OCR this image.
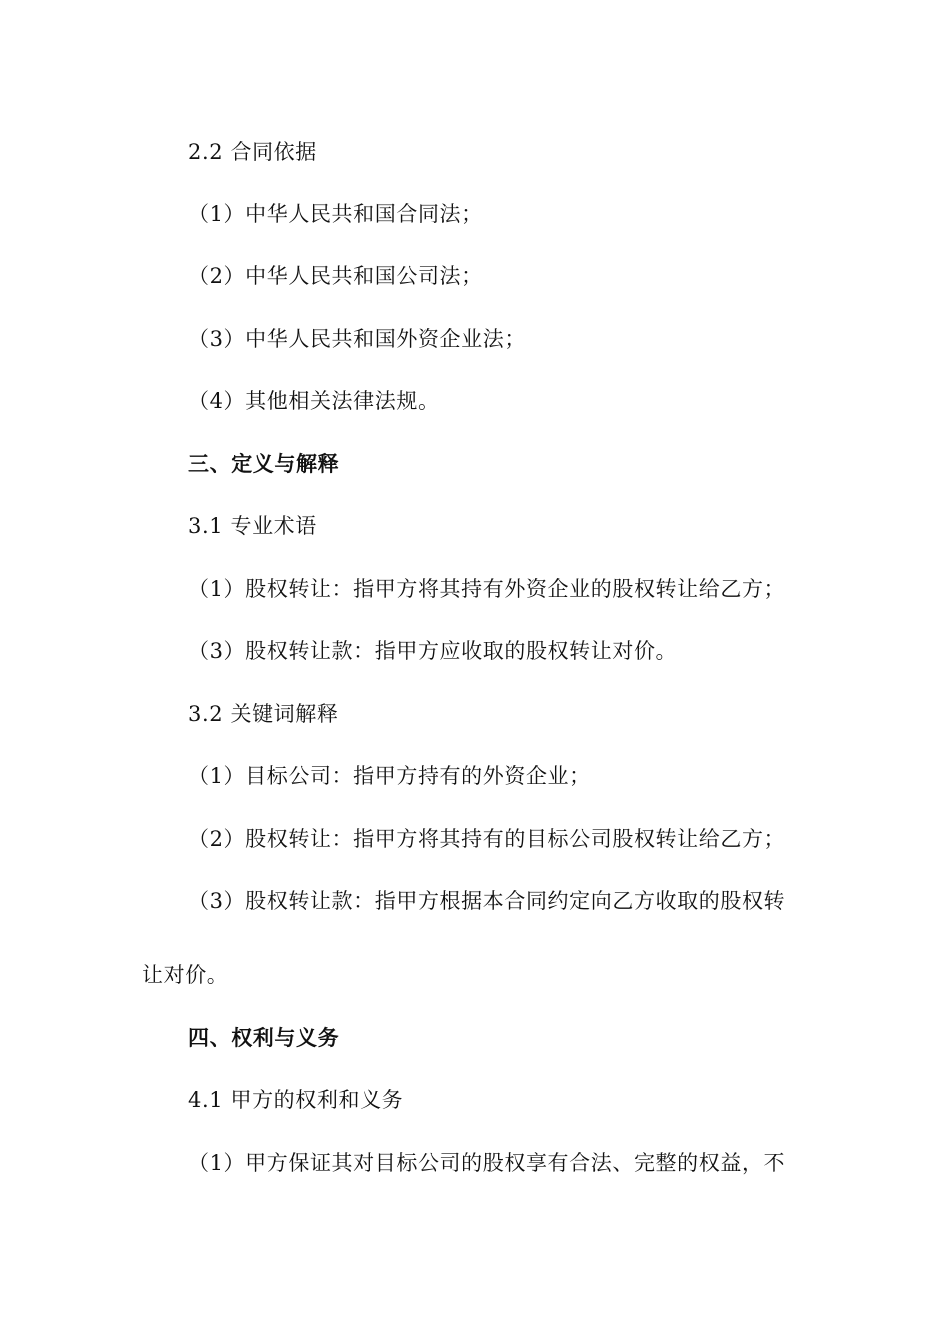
2.2 合同依据
（1）中华人民共和国合同法；
（2）中华人民共和国公司法；
（3）中华人民共和国外资企业法；
（4）其他相关法律法规。
三、定义与解释
3.1 专业术语
（1）股权转让：指甲方将其持有外资企业的股权转让给乙方；
（3）股权转让款：指甲方应收取的股权转让对价。
3.2 关键词解释
（1）目标公司：指甲方持有的外资企业；
（2）股权转让：指甲方将其持有的目标公司股权转让给乙方；
（3）股权转让款：指甲方根据本合同约定向乙方收取的股权转
让对价。
四、权利与义务
4.1 甲方的权利和义务
（1）甲方保证其对目标公司的股权享有合法、完整的权益，不
